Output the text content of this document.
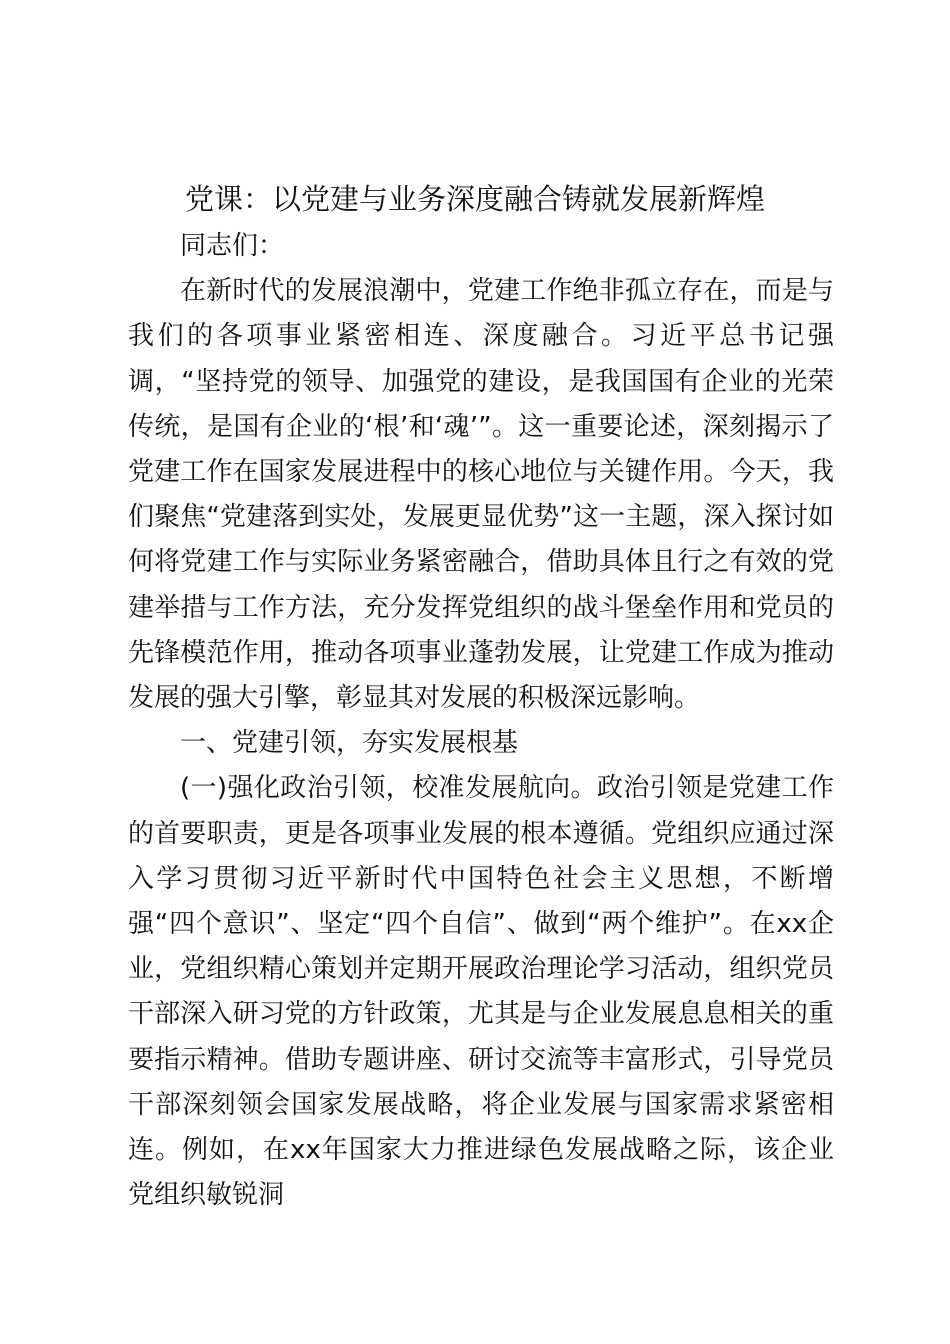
党课：以党建与业务深度融合铸就发展新辉煌

同志们：

在新时代的发展浪潮中，党建工作绝非孤立存在，而是与我们的各项事业紧密相连、深度融合。习近平总书记强调，“坚持党的领导、加强党的建设，是我国国有企业的光荣传统，是国有企业的‘根’和‘魂’”。这一重要论述，深刻揭示了党建工作在国家发展进程中的核心地位与关键作用。今天，我们聚焦“党建落到实处，发展更显优势”这一主题，深入探讨如何将党建工作与实际业务紧密融合，借助具体且行之有效的党建举措与工作方法，充分发挥党组织的战斗堡垒作用和党员的先锋模范作用，推动各项事业蓬勃发展，让党建工作成为推动发展的强大引擎，彰显其对发展的积极深远影响。

一、党建引领，夯实发展根基

(一)强化政治引领，校准发展航向。政治引领是党建工作的首要职责，更是各项事业发展的根本遵循。党组织应通过深入学习贯彻习近平新时代中国特色社会主义思想，不断增强“四个意识”、坚定“四个自信”、做到“两个维护”。在xx企业，党组织精心策划并定期开展政治理论学习活动，组织党员干部深入研习党的方针政策，尤其是与企业发展息息相关的重要指示精神。借助专题讲座、研讨交流等丰富形式，引导党员干部深刻领会国家发展战略，将企业发展与国家需求紧密相连。例如，在xx年国家大力推进绿色发展战略之际，该企业党组织敏锐洞
